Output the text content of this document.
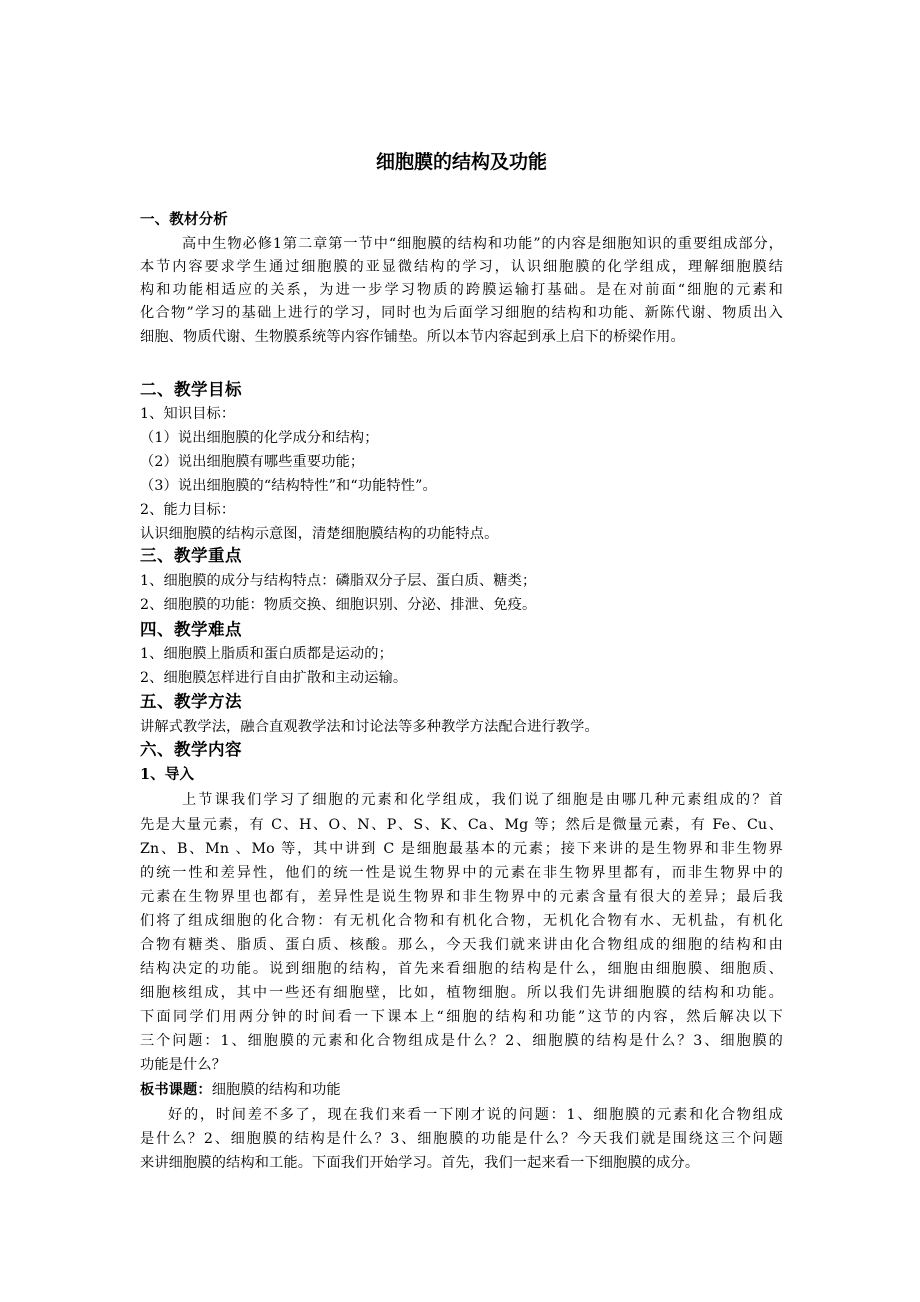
细胞膜的结构及功能
一、教材分析
高中生物必修1第二章第一节中“细胞膜的结构和功能”的内容是细胞知识的重要组成部分，
本节内容要求学生通过细胞膜的亚显微结构的学习，认识细胞膜的化学组成，理解细胞膜结
构和功能相适应的关系，为进一步学习物质的跨膜运输打基础。是在对前面“细胞的元素和
化合物”学习的基础上进行的学习，同时也为后面学习细胞的结构和功能、新陈代谢、物质出入
细胞、物质代谢、生物膜系统等内容作铺垫。所以本节内容起到承上启下的桥梁作用。
二、教学目标
1、知识目标：
（1）说出细胞膜的化学成分和结构；
（2）说出细胞膜有哪些重要功能；
（3）说出细胞膜的“结构特性”和“功能特性”。
2、能力目标：
认识细胞膜的结构示意图，清楚细胞膜结构的功能特点。
三、教学重点
1、细胞膜的成分与结构特点：磷脂双分子层、蛋白质、糖类；
2、细胞膜的功能：物质交换、细胞识别、分泌、排泄、免疫。
四、教学难点
1、细胞膜上脂质和蛋白质都是运动的；
2、细胞膜怎样进行自由扩散和主动运输。
五、教学方法
讲解式教学法，融合直观教学法和讨论法等多种教学方法配合进行教学。
六、教学内容
1、导入
上节课我们学习了细胞的元素和化学组成，我们说了细胞是由哪几种元素组成的？首
先是大量元素，有 C、H、O、N、P、S、K、Ca、Mg 等；然后是微量元素，有 Fe、Cu、
Zn、B、Mn 、Mo 等，其中讲到 C 是细胞最基本的元素；接下来讲的是生物界和非生物界
的统一性和差异性，他们的统一性是说生物界中的元素在非生物界里都有，而非生物界中的
元素在生物界里也都有，差异性是说生物界和非生物界中的元素含量有很大的差异；最后我
们将了组成细胞的化合物：有无机化合物和有机化合物，无机化合物有水、无机盐，有机化
合物有糖类、脂质、蛋白质、核酸。那么，今天我们就来讲由化合物组成的细胞的结构和由
结构决定的功能。说到细胞的结构，首先来看细胞的结构是什么，细胞由细胞膜、细胞质、
细胞核组成，其中一些还有细胞壁，比如，植物细胞。所以我们先讲细胞膜的结构和功能。
下面同学们用两分钟的时间看一下课本上“细胞的结构和功能”这节的内容，然后解决以下
三个问题：1、细胞膜的元素和化合物组成是什么？2、细胞膜的结构是什么？3、细胞膜的
功能是什么？
板书课题：细胞膜的结构和功能
好的，时间差不多了，现在我们来看一下刚才说的问题：1、细胞膜的元素和化合物组成
是什么？2、细胞膜的结构是什么？3、细胞膜的功能是什么？今天我们就是围绕这三个问题
来讲细胞膜的结构和工能。下面我们开始学习。首先，我们一起来看一下细胞膜的成分。
